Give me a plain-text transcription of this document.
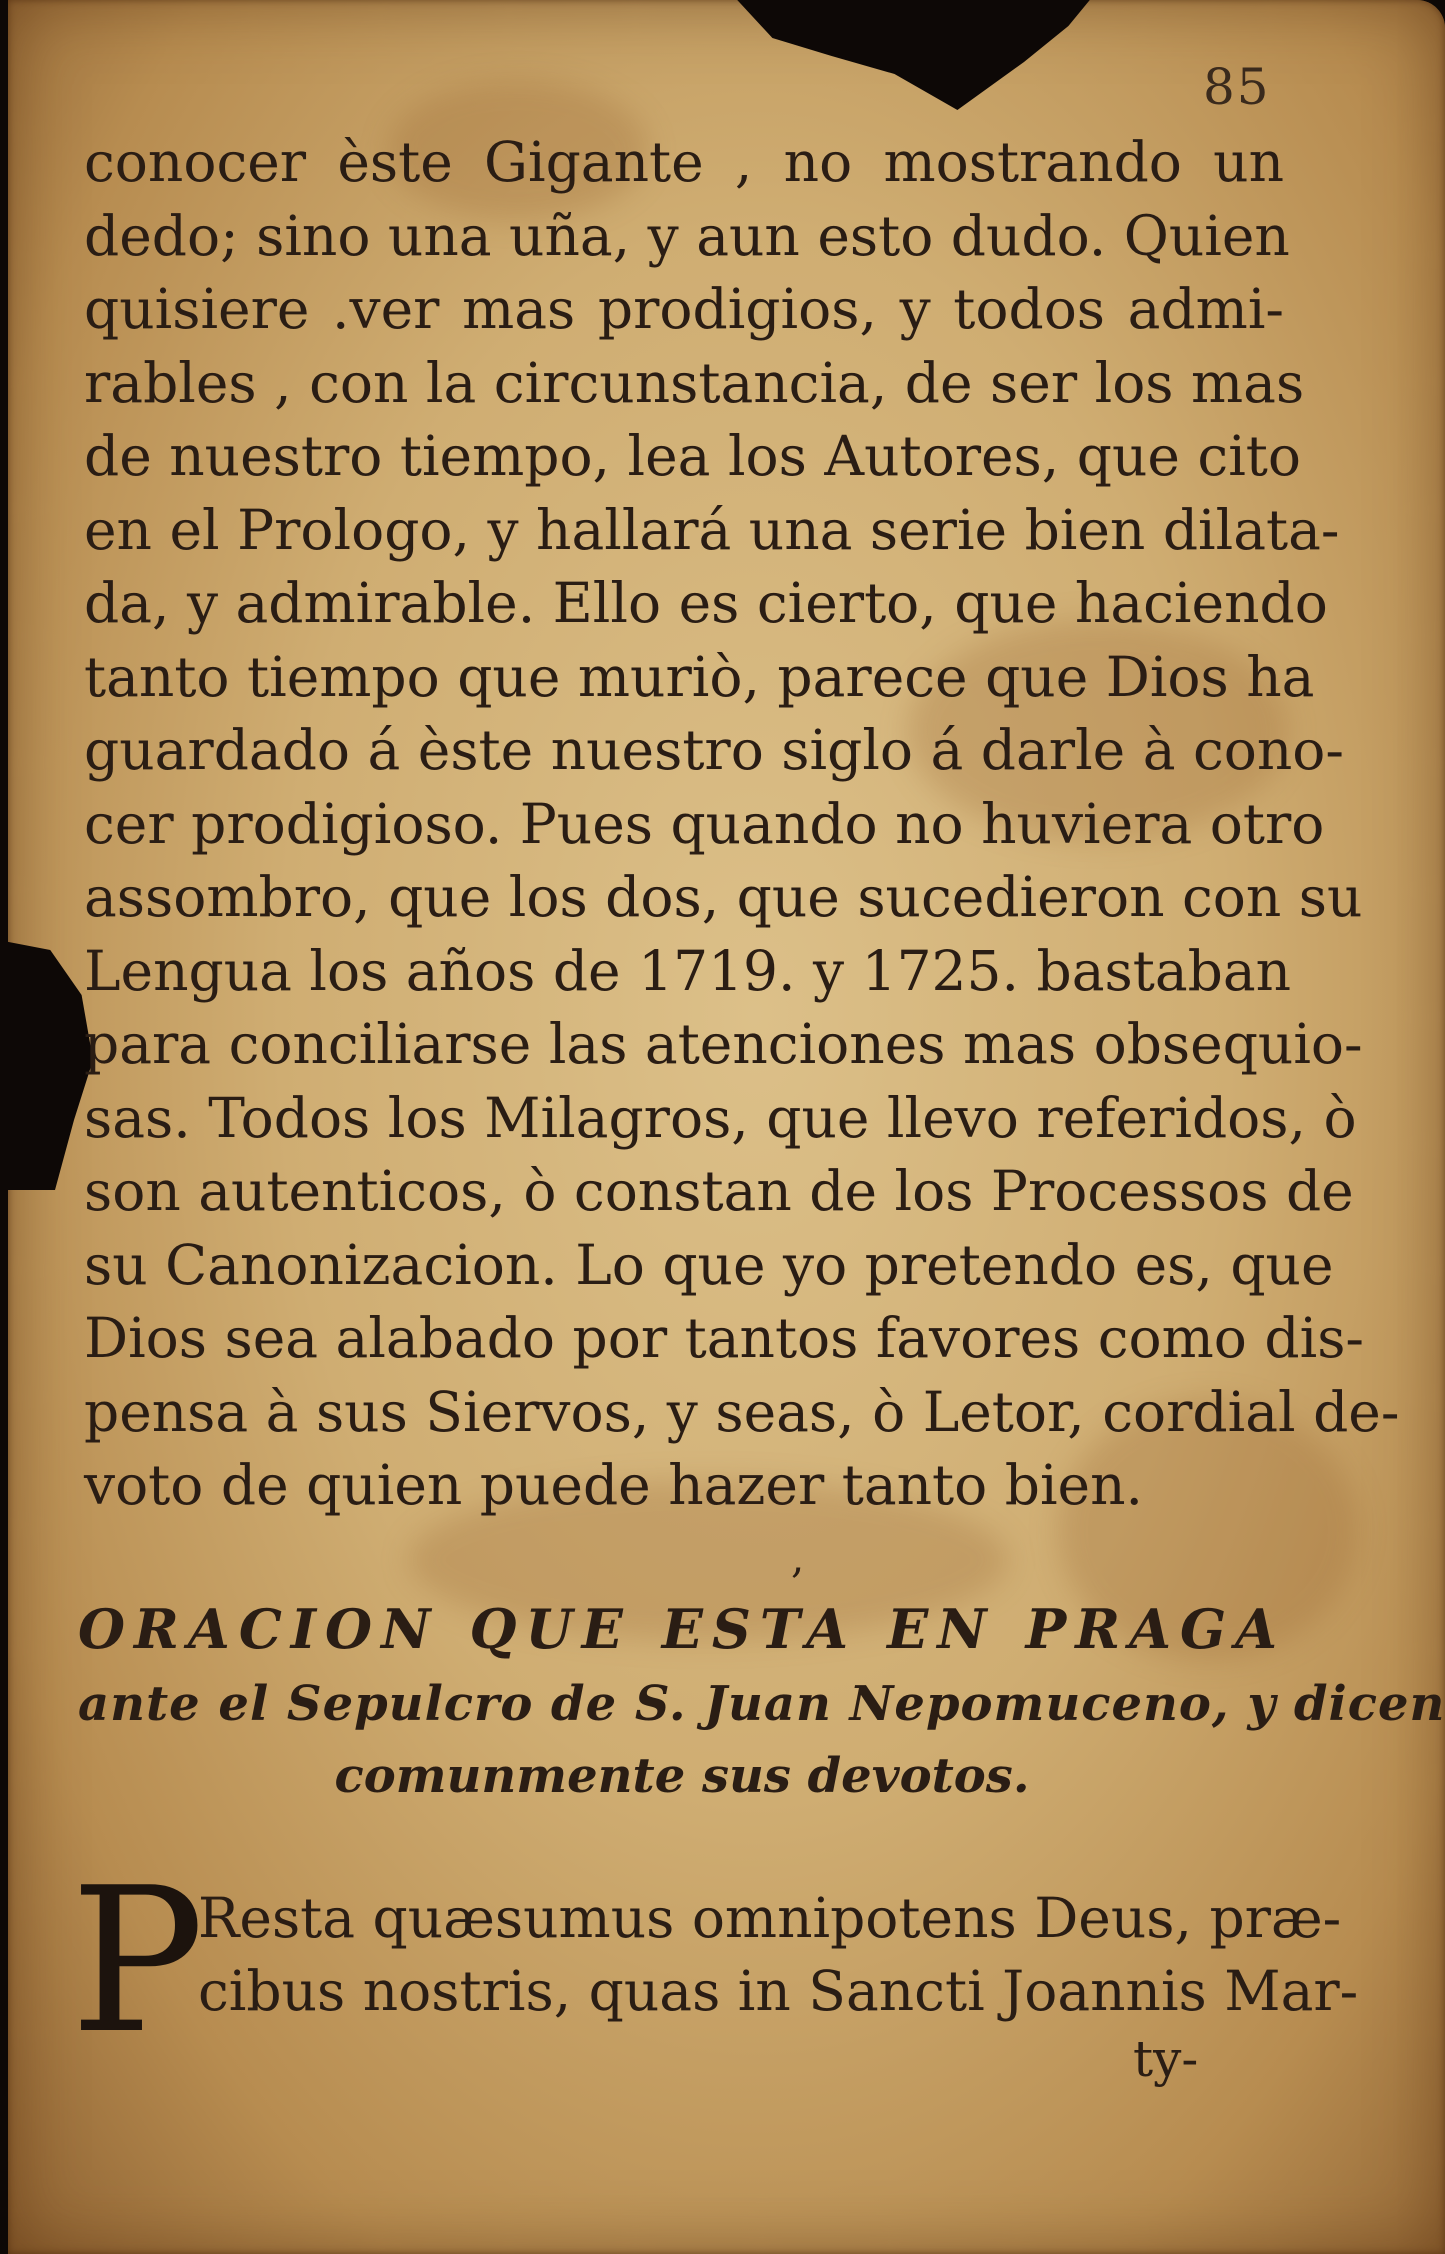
85
conocer èste Gigante , no mostrando un
dedo; sino una uña, y aun esto dudo. Quien
quisiere .ver mas prodigios, y todos admi-
rables , con la circunstancia, de ser los mas
de nuestro tiempo, lea los Autores, que cito
en el Prologo, y hallará una serie bien dilata-
da, y admirable. Ello es cierto, que haciendo
tanto tiempo que muriò, parece que Dios ha
guardado á èste nuestro siglo á darle à cono-
cer prodigioso. Pues quando no huviera otro
assombro, que los dos, que sucedieron con su
Lengua los años de 1719. y 1725. bastaban
para conciliarse las atenciones mas obsequio-
sas. Todos los Milagros, que llevo referidos, ò
son autenticos, ò constan de los Processos de
su Canonizacion. Lo que yo pretendo es, que
Dios sea alabado por tantos favores como dis-
pensa à sus Siervos, y seas, ò Letor, cordial de-
voto de quien puede hazer tanto bien.
,
ORACION QUE ESTA EN PRAGA
ante el Sepulcro de S. Juan Nepomuceno, y dicen
comunmente sus devotos.
P
Resta quæsumus omnipotens Deus, præ-
cibus nostris, quas in Sancti Joannis Mar-
ty-
